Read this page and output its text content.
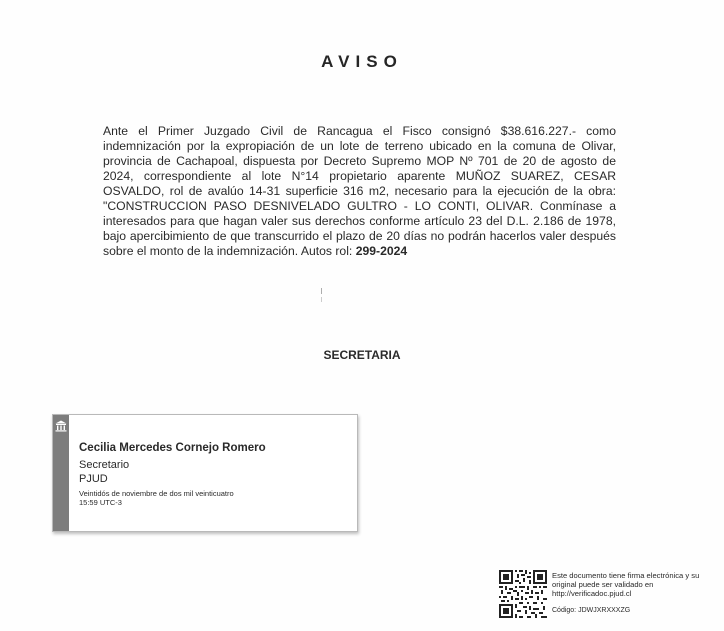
AVISO
Ante el Primer Juzgado Civil de Rancagua el Fisco consignó $38.616.227.- como indemnización por la expropiación de un lote de terreno ubicado en la comuna de Olivar, provincia de Cachapoal, dispuesta por Decreto Supremo MOP Nº 701 de 20 de agosto de 2024, correspondiente al lote N°14 propietario aparente MUÑOZ SUAREZ, CESAR OSVALDO, rol de avalúo 14-31 superficie 316 m2, necesario para la ejecución de la obra: "CONSTRUCCION PASO DESNIVELADO GULTRO - LO CONTI, OLIVAR. Conmínase a interesados para que hagan valer sus derechos conforme artículo 23 del D.L. 2.186 de 1978, bajo apercibimiento de que transcurrido el plazo de 20 días no podrán hacerlos valer después sobre el monto de la indemnización. Autos rol: 299-2024
SECRETARIA
Cecilia Mercedes Cornejo Romero
Secretario
PJUD
Veintidós de noviembre de dos mil veinticuatro
15:59 UTC-3
Este documento tiene firma electrónica y su original puede ser validado en http://verificadoc.pjud.cl
Código: JDWJXRXXXZG
